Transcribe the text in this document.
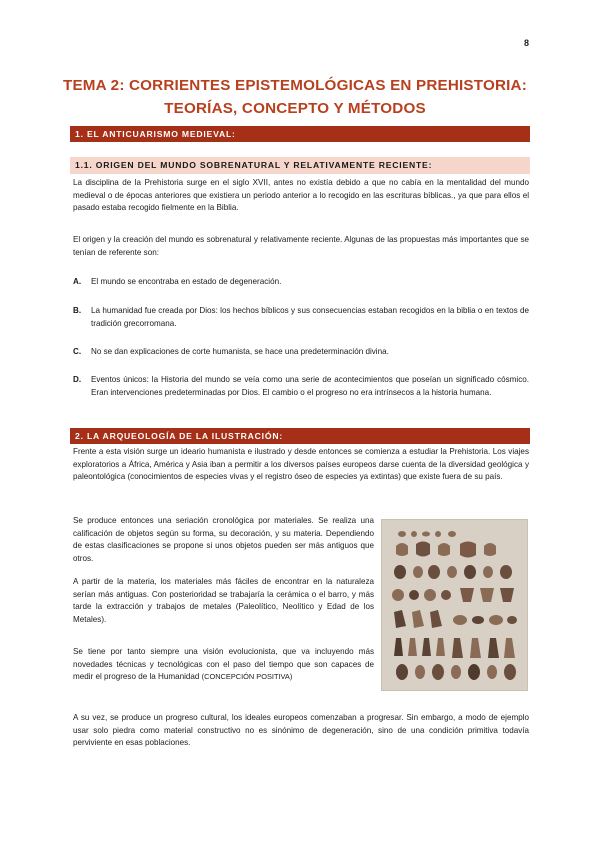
8
TEMA 2: CORRIENTES EPISTEMOLÓGICAS EN PREHISTORIA:
TEORÍAS, CONCEPTO Y MÉTODOS
1. EL ANTICUARISMO MEDIEVAL:
1.1. ORIGEN DEL MUNDO SOBRENATURAL Y RELATIVAMENTE RECIENTE:
La disciplina de la Prehistoria surge en el siglo XVII, antes no existía debido a que no cabía en la mentalidad del mundo medieval o de épocas anteriores que existiera un periodo anterior a lo recogido en las escrituras bíblicas., ya que para ellos el pasado estaba recogido fielmente en la Biblia.
El origen y la creación del mundo es sobrenatural y relativamente reciente. Algunas de las propuestas más importantes que se tenían de referente son:
A. El mundo se encontraba en estado de degeneración.
B. La humanidad fue creada por Dios: los hechos bíblicos y sus consecuencias estaban recogidos en la biblia o en textos de tradición grecorromana.
C. No se dan explicaciones de corte humanista, se hace una predeterminación divina.
D. Eventos únicos: la Historia del mundo se veía como una serie de acontecimientos que poseían un significado cósmico. Eran intervenciones predeterminadas por Dios. El cambio o el progreso no era intrínsecos a la historia humana.
2. LA ARQUEOLOGÍA DE LA ILUSTRACIÓN:
Frente a esta visión surge un ideario humanista e ilustrado y desde entonces se comienza a estudiar la Prehistoria. Los viajes exploratorios a África, América y Asia iban a permitir a los diversos países europeos darse cuenta de la diversidad geológica y paleontológica (conocimientos de especies vivas y el registro óseo de especies ya extintas) que existe fuera de su país.
Se produce entonces una seriación cronológica por materiales. Se realiza una calificación de objetos según su forma, su decoración, y su materia. Dependiendo de estas clasificaciones se propone si unos objetos pueden ser más antiguos que otros.
A partir de la materia, los materiales más fáciles de encontrar en la naturaleza serían más antiguas. Con posterioridad se trabajaría la cerámica o el barro, y más tarde la extracción y trabajos de metales (Paleolítico, Neolítico y Edad de los Metales).
Se tiene por tanto siempre una visión evolucionista, que va incluyendo más novedades técnicas y tecnológicas con el paso del tiempo que son capaces de medir el progreso de la Humanidad (CONCEPCIÓN POSITIVA)
A su vez, se produce un progreso cultural, los ideales europeos comenzaban a progresar. Sin embargo, a modo de ejemplo usar solo piedra como material constructivo no es sinónimo de degeneración, sino de una condición primitiva todavía perviviente en esas poblaciones.
